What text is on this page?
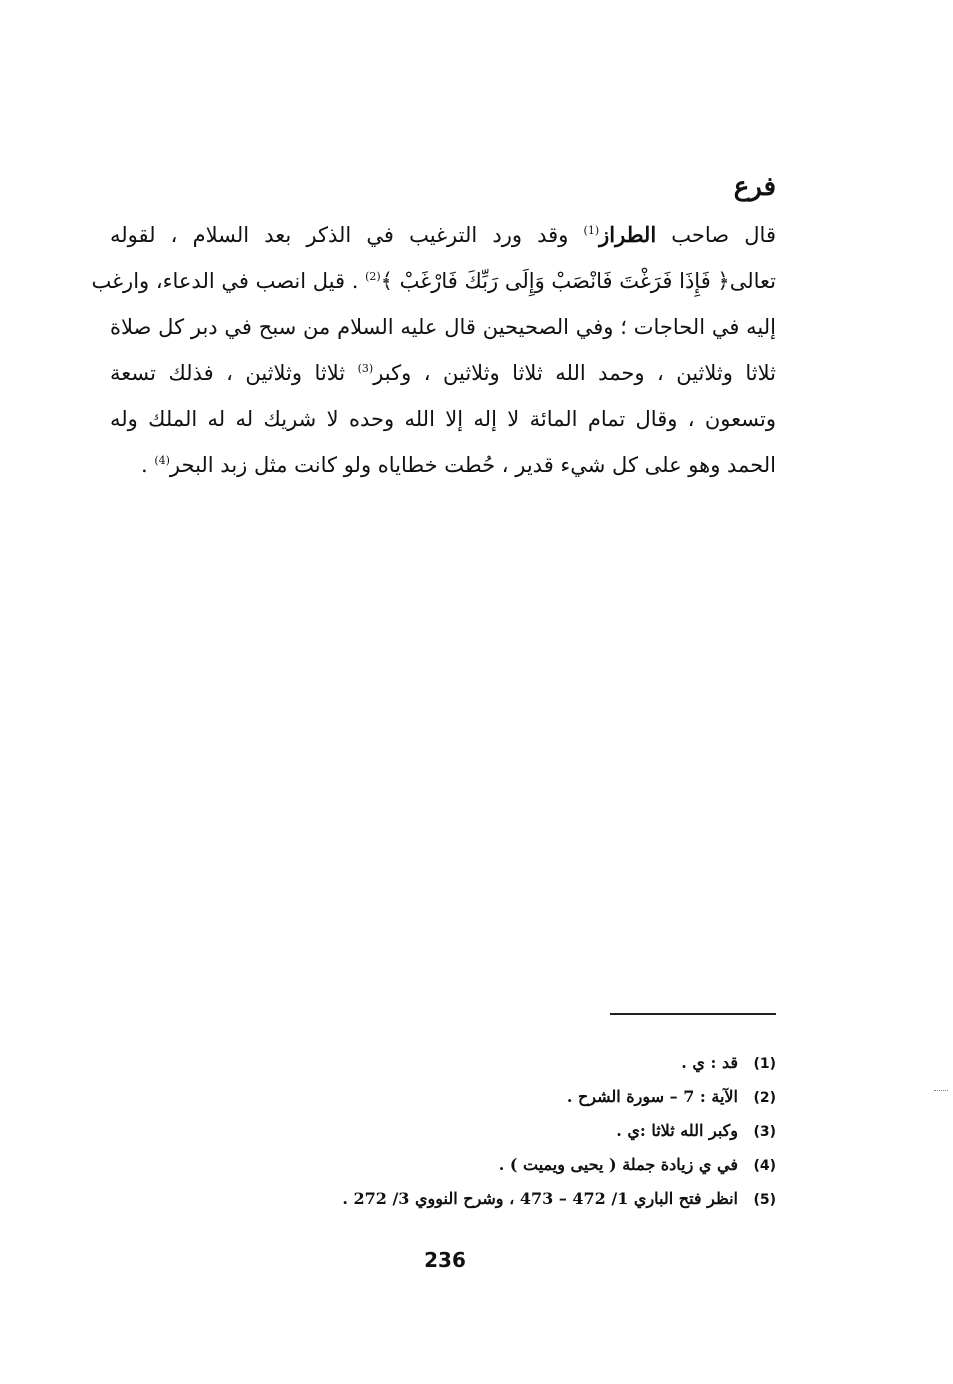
فرع
قال صاحب الطراز$^{(1)}$ وقد ورد الترغيب في الذكر بعد السلام ، لقوله
تعالى﴿ فَإِذَا فَرَغْتَ فَانْصَبْ وَإِلَى رَبِّكَ فَارْغَبْ ﴾$^{(2)}$ . قيل انصب في الدعاء، وارغب
إليه في الحاجات ؛ وفي الصحيحين قال عليه السلام من سبح في دبر كل صلاة
ثلاثا وثلاثين ، وحمد الله ثلاثا وثلاثين ، وكبر$^{(3)}$ ثلاثا وثلاثين ، فذلك تسعة
وتسعون ، وقال تمام المائة لا إله إلا الله وحده لا شريك له له الملك وله
الحمد وهو على كل شيء قدير ، حُطت خطاياه ولو كانت مثل زبد البحر$^{(4)}$ .
(1)قد : ي .
(2)الآية : 7 – سورة الشرح .
(3)وكبر الله ثلاثا :ي .
(4)في ي زيادة جملة ( يحيى ويميت ) .
(5)انظر فتح الباري 1/ 472 – 473 ، وشرح النووي 3/ 272 .
236
